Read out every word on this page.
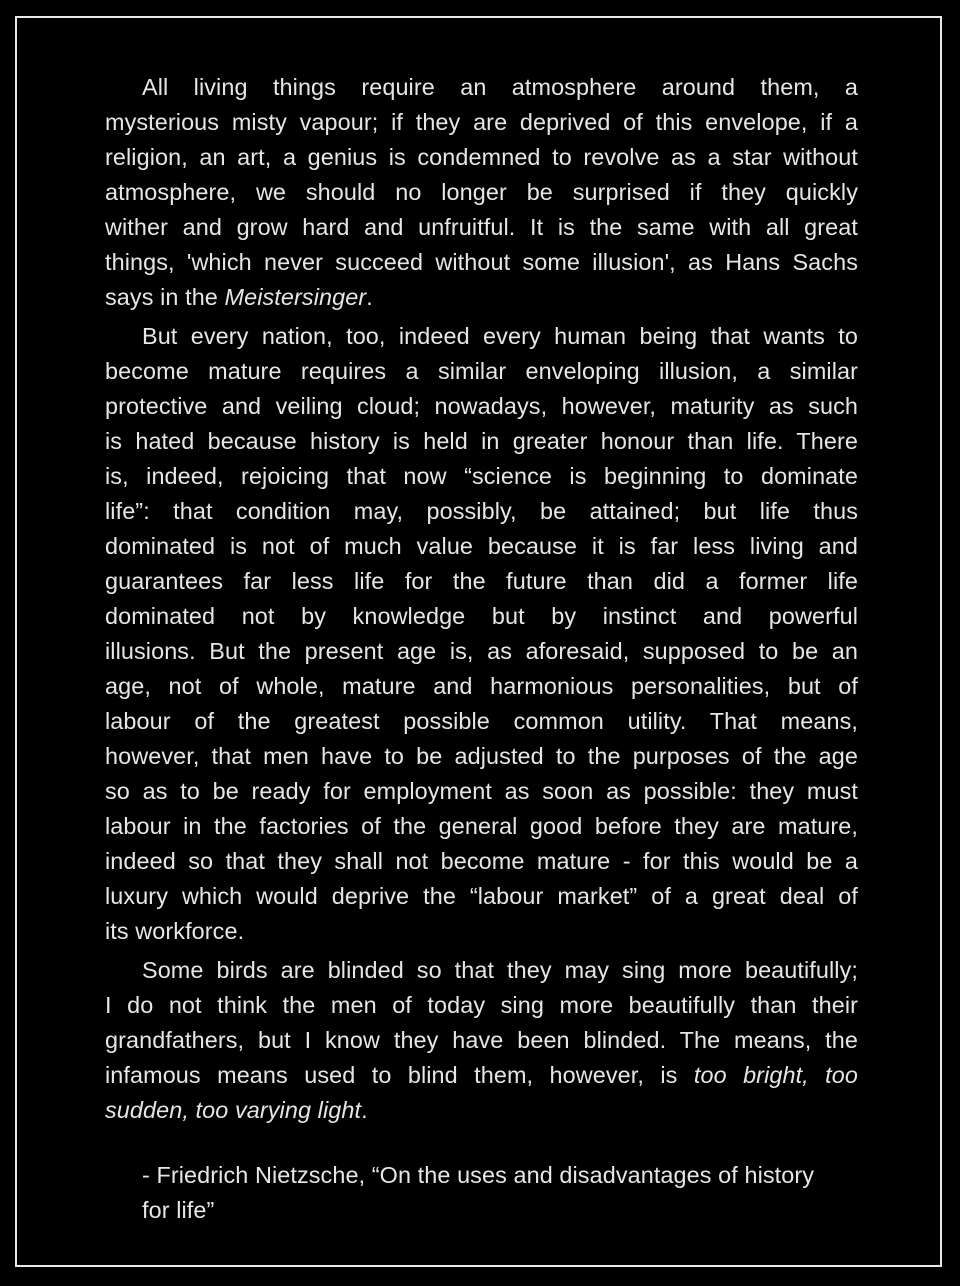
All living things require an atmosphere around them, a
mysterious misty vapour; if they are deprived of this envelope, if a
religion, an art, a genius is condemned to revolve as a star without
atmosphere, we should no longer be surprised if they quickly
wither and grow hard and unfruitful. It is the same with all great
things, 'which never succeed without some illusion', as Hans Sachs
says in the Meistersinger.
But every nation, too, indeed every human being that wants to
become mature requires a similar enveloping illusion, a similar
protective and veiling cloud; nowadays, however, maturity as such
is hated because history is held in greater honour than life. There
is, indeed, rejoicing that now “science is beginning to dominate
life”: that condition may, possibly, be attained; but life thus
dominated is not of much value because it is far less living and
guarantees far less life for the future than did a former life
dominated not by knowledge but by instinct and powerful
illusions. But the present age is, as aforesaid, supposed to be an
age, not of whole, mature and harmonious personalities, but of
labour of the greatest possible common utility. That means,
however, that men have to be adjusted to the purposes of the age
so as to be ready for employment as soon as possible: they must
labour in the factories of the general good before they are mature,
indeed so that they shall not become mature - for this would be a
luxury which would deprive the “labour market” of a great deal of
its workforce.
Some birds are blinded so that they may sing more beautifully;
I do not think the men of today sing more beautifully than their
grandfathers, but I know they have been blinded. The means, the
infamous means used to blind them, however, is too bright, too
sudden, too varying light.
- Friedrich Nietzsche, “On the uses and disadvantages of history
for life”
